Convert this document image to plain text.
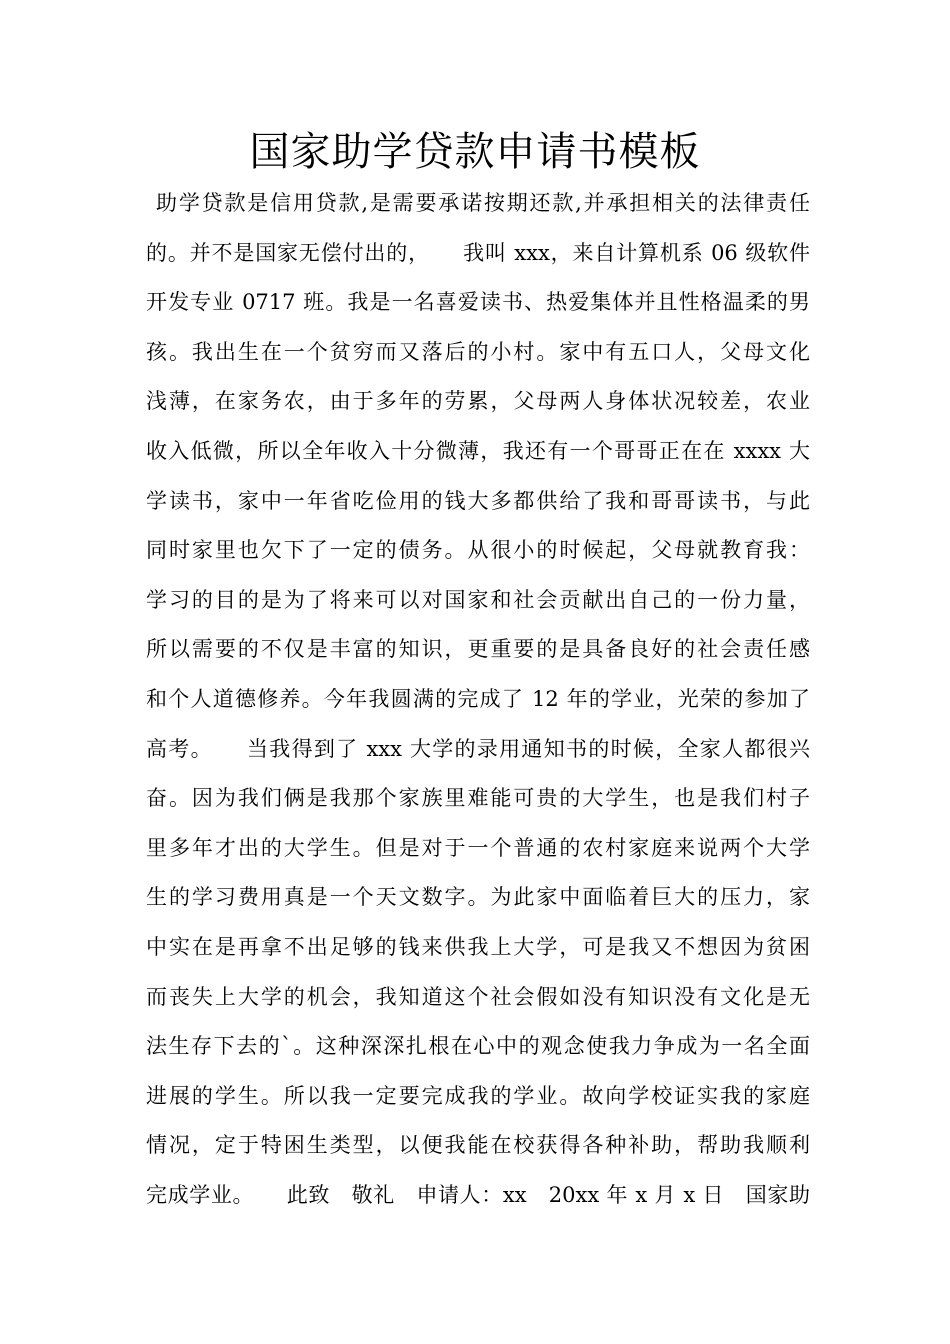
国家助学贷款申请书模板
助学贷款是信用贷款,是需要承诺按期还款,并承担相关的法律责任
的。并不是国家无偿付出的，　　我叫 xxx，来自计算机系 06 级软件
开发专业 0717 班。我是一名喜爱读书、热爱集体并且性格温柔的男
孩。我出生在一个贫穷而又落后的小村。家中有五口人，父母文化
浅薄，在家务农，由于多年的劳累，父母两人身体状况较差，农业
收入低微，所以全年收入十分微薄，我还有一个哥哥正在在 xxxx 大
学读书，家中一年省吃俭用的钱大多都供给了我和哥哥读书，与此
同时家里也欠下了一定的债务。从很小的时候起，父母就教育我：
学习的目的是为了将来可以对国家和社会贡献出自己的一份力量，
所以需要的不仅是丰富的知识，更重要的是具备良好的社会责任感
和个人道德修养。今年我圆满的完成了 12 年的学业，光荣的参加了
高考。　　当我得到了 xxx 大学的录用通知书的时候，全家人都很兴
奋。因为我们俩是我那个家族里难能可贵的大学生，也是我们村子
里多年才出的大学生。但是对于一个普通的农村家庭来说两个大学
生的学习费用真是一个天文数字。为此家中面临着巨大的压力，家
中实在是再拿不出足够的钱来供我上大学，可是我又不想因为贫困
而丧失上大学的机会，我知道这个社会假如没有知识没有文化是无
法生存下去的`。这种深深扎根在心中的观念使我力争成为一名全面
进展的学生。所以我一定要完成我的学业。故向学校证实我的家庭
情况，定于特困生类型，以便我能在校获得各种补助，帮助我顺利
完成学业。　　此致　敬礼　申请人：xx　20xx 年 x 月 x 日　国家助
